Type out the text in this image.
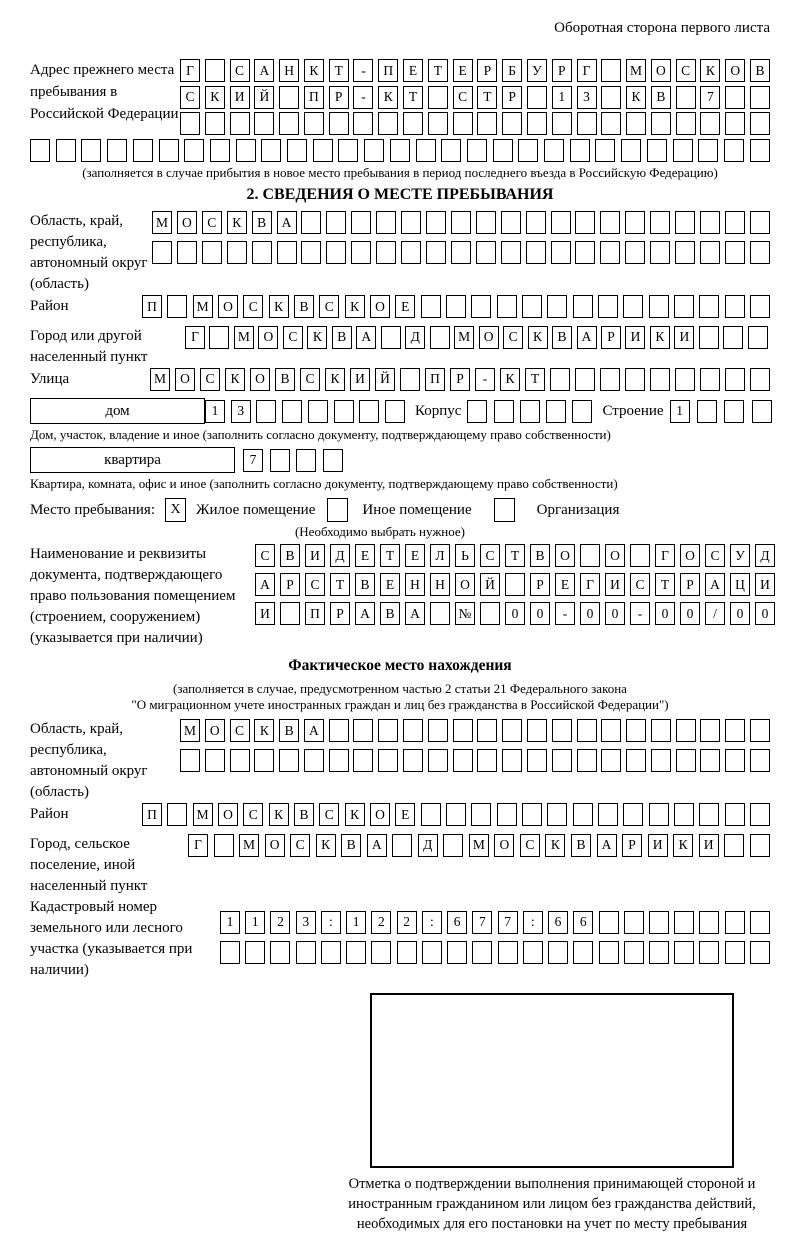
Оборотная сторона первого листа
Адрес прежнего места пребывания в Российской Федерации
Г	С	А	Н	К	Т	-	П	Е	Т	Е	Р	Б	У	Р	Г	М	О	С	К	О	В
С	К	И	Й	П	Р	-	К	Т	С	Т	Р	1	3	К	В	7
(заполняется в случае прибытия в новое место пребывания в период последнего въезда в Российскую Федерацию)
2. СВЕДЕНИЯ О МЕСТЕ ПРЕБЫВАНИЯ
Область, край, республика, автономный округ (область)
М	О	С	К	В	А
Район	П	М	О	С	К	В	С	К	О	Е
Город или другой населенный пункт
Г	М	О	С	К	В	А	Д	М	О	С	К	В	А	Р	И	К	И
Улица	М	О	С	К	О	В	С	К	И	Й	П	Р	-	К	Т
дом	1	3	Корпус	Строение 1
Дом, участок, владение и иное (заполнить согласно документу, подтверждающему право собственности)
квартира	7
Квартира, комната, офис и иное (заполнить согласно документу, подтверждающему право собственности)
Место пребывания:	X	Жилое помещение	Иное помещение	Организация
(Необходимо выбрать нужное)
Наименование и реквизиты документа, подтверждающего право пользования помещением (строением, сооружением) (указывается при наличии)
С	В	И	Д	Е	Т	Е	Л	Ь	С	Т	В	О	О	Г	О	С	У	Д
А	Р	С	Т	В	Е	Н	Н	О	Й	Р	Е	Г	И	С	Т	Р	А	Ц	И
И	П	Р	А	В	А	№	0	0	-	0	0	-	0	0	/	0	0
Фактическое место нахождения
(заполняется в случае, предусмотренном частью 2 статьи 21 Федерального закона
"О миграционном учете иностранных граждан и лиц без гражданства в Российской Федерации")
Область, край, республика, автономный округ (область)
М	О	С	К	В	А
Район	П	М	О	С	К	В	С	К	О	Е
Город, сельское поселение, иной населенный пункт
Г	М	О	С	К	В	А	Д	М	О	С	К	В	А	Р	И	К	И
Кадастровый номер земельного или лесного участка (указывается при наличии)
1	1	2	3	:	1	2	2	:	6	7	7	:	6	6
Отметка о подтверждении выполнения принимающей стороной и иностранным гражданином или лицом без гражданства действий, необходимых для его постановки на учет по месту пребывания
